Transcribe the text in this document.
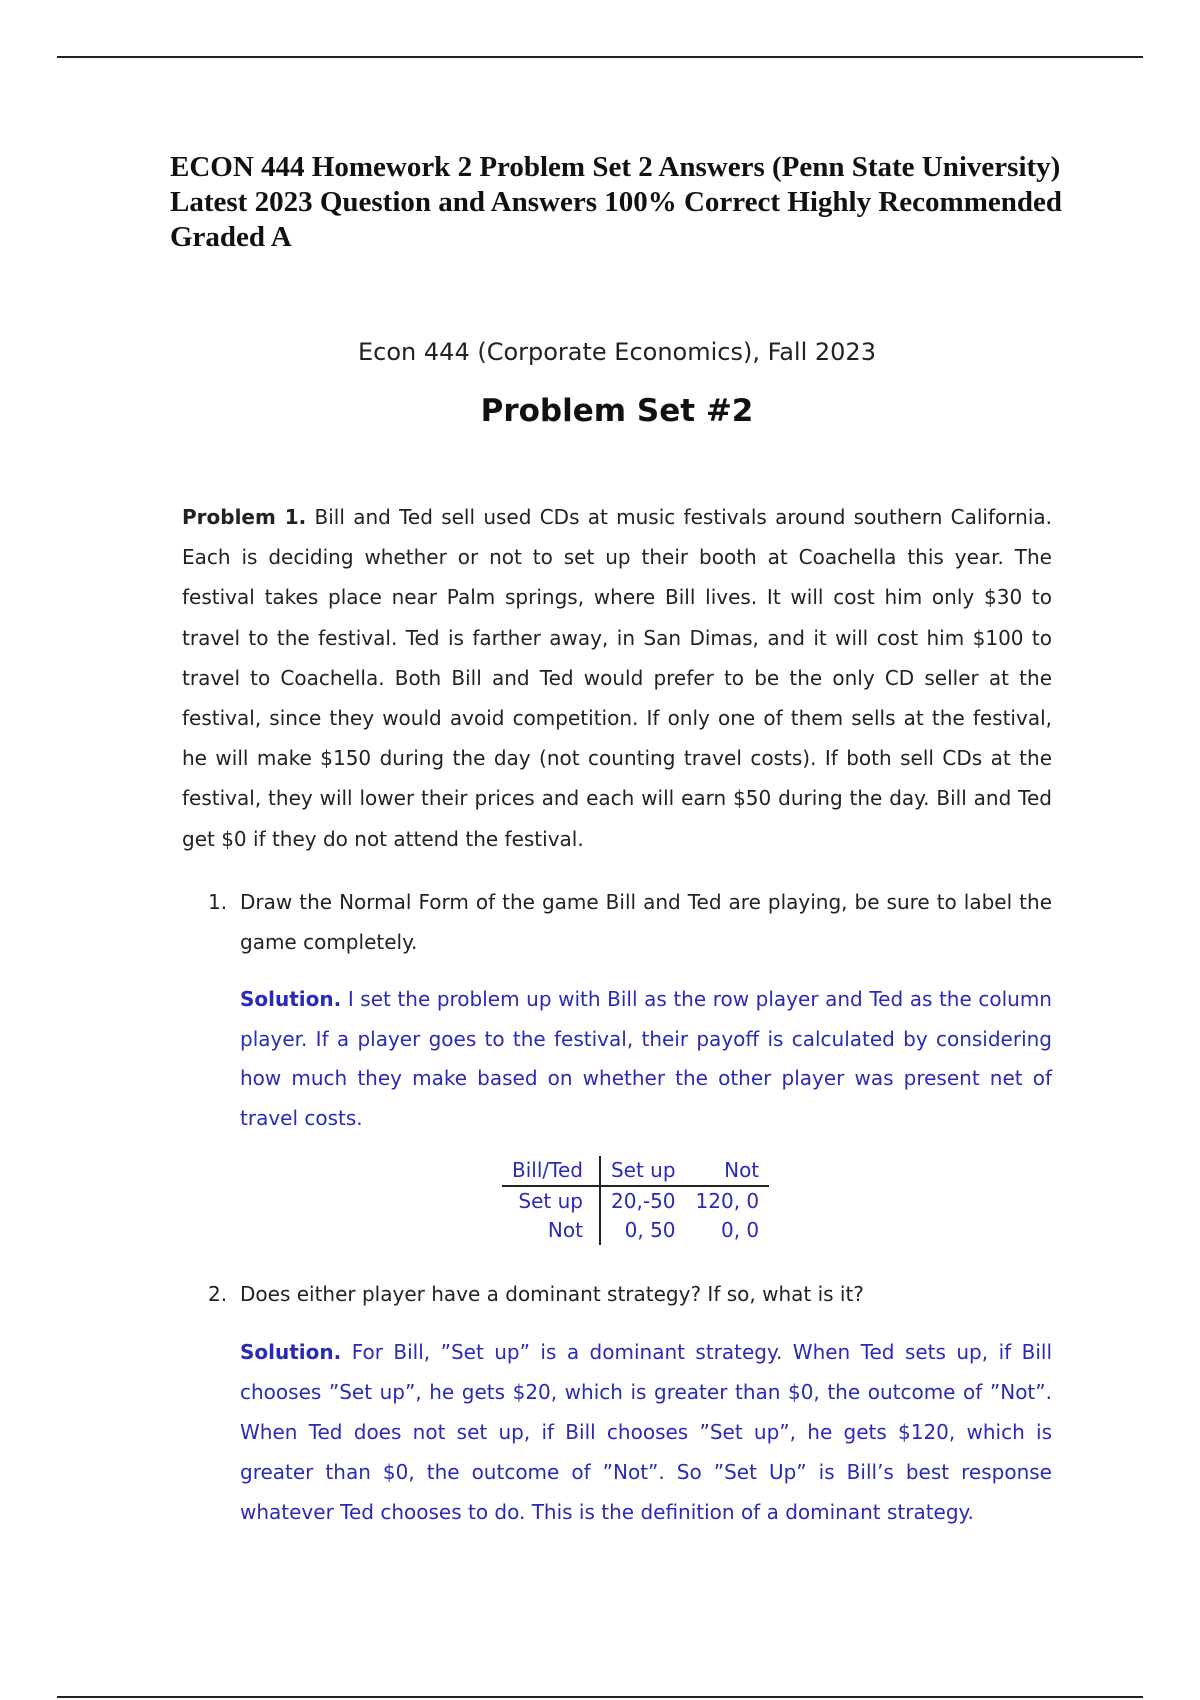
ECON 444 Homework 2 Problem Set 2 Answers (Penn State University) Latest 2023 Question and Answers 100% Correct Highly Recommended Graded A

Econ 444 (Corporate Economics), Fall 2023

Problem Set #2

Problem 1. Bill and Ted sell used CDs at music festivals around southern California. Each is deciding whether or not to set up their booth at Coachella this year. The festival takes place near Palm springs, where Bill lives. It will cost him only $30 to travel to the festival. Ted is farther away, in San Dimas, and it will cost him $100 to travel to Coachella. Both Bill and Ted would prefer to be the only CD seller at the festival, since they would avoid competition. If only one of them sells at the festival, he will make $150 during the day (not counting travel costs). If both sell CDs at the festival, they will lower their prices and each will earn $50 during the day. Bill and Ted get $0 if they do not attend the festival.

1. Draw the Normal Form of the game Bill and Ted are playing, be sure to label the game completely.

Solution. I set the problem up with Bill as the row player and Ted as the column player. If a player goes to the festival, their payoff is calculated by considering how much they make based on whether the other player was present net of travel costs.

Bill/Ted	Set up	Not
Set up	20,-50	120, 0
Not	0, 50	0, 0

2. Does either player have a dominant strategy? If so, what is it?

Solution. For Bill, ”Set up” is a dominant strategy. When Ted sets up, if Bill chooses ”Set up”, he gets $20, which is greater than $0, the outcome of ”Not”. When Ted does not set up, if Bill chooses ”Set up”, he gets $120, which is greater than $0, the outcome of ”Not”. So ”Set Up” is Bill’s best response whatever Ted chooses to do. This is the definition of a dominant strategy.
